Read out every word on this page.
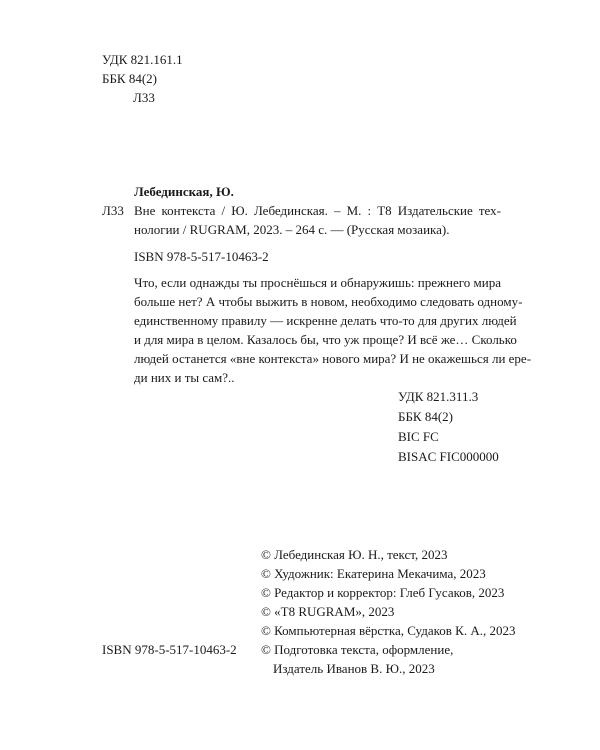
УДК 821.161.1
ББК 84(2)
Л33
Лебединская, Ю.
Л33 Вне контекста / Ю. Лебединская. – М. : Т8 Издательские тех-
нологии / RUGRAM, 2023. – 264 с. — (Русская мозаика).
ISBN 978-5-517-10463-2
Что, если однажды ты проснёшься и обнаружишь: прежнего мира
больше нет? А чтобы выжить в новом, необходимо следовать одному-
единственному правилу — искренне делать что-то для других людей
и для мира в целом. Казалось бы, что уж проще? И всё же… Сколько
людей останется «вне контекста» нового мира? И не окажешься ли ере-
ди них и ты сам?..
УДК 821.311.3
ББК 84(2)
BIC FC
BISAC FIC000000
© Лебединская Ю. Н., текст, 2023
© Художник: Екатерина Мекачима, 2023
© Редактор и корректор: Глеб Гусаков, 2023
© «Т8 RUGRAM», 2023
© Компьютерная вёрстка, Судаков К. А., 2023
© Подготовка текста, оформление,
Издатель Иванов В. Ю., 2023
ISBN 978-5-517-10463-2
